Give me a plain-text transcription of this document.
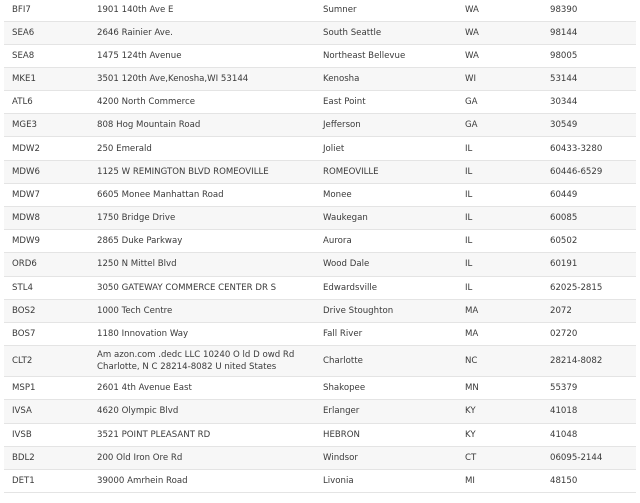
BFI7	1901 140th Ave E	Sumner	WA	98390
SEA6	2646 Rainier Ave.	South Seattle	WA	98144
SEA8	1475 124th Avenue	Northeast Bellevue	WA	98005
MKE1	3501 120th Ave,Kenosha,WI 53144	Kenosha	WI	53144
ATL6	4200 North Commerce	East Point	GA	30344
MGE3	808 Hog Mountain Road	Jefferson	GA	30549
MDW2	250 Emerald	Joliet	IL	60433-3280
MDW6	1125 W REMINGTON BLVD ROMEOVILLE	ROMEOVILLE	IL	60446-6529
MDW7	6605 Monee Manhattan Road	Monee	IL	60449
MDW8	1750 Bridge Drive	Waukegan	IL	60085
MDW9	2865 Duke Parkway	Aurora	IL	60502
ORD6	1250 N Mittel Blvd	Wood Dale	IL	60191
STL4	3050 GATEWAY COMMERCE CENTER DR S	Edwardsville	IL	62025-2815
BOS2	1000 Tech Centre	Drive Stoughton	MA	2072
BOS7	1180 Innovation Way	Fall River	MA	02720
CLT2	Am azon.com .dedc LLC 10240 O ld D owd Rd Charlotte, N C 28214-8082 U nited States	Charlotte	NC	28214-8082
MSP1	2601 4th Avenue East	Shakopee	MN	55379
IVSA	4620 Olympic Blvd	Erlanger	KY	41018
IVSB	3521 POINT PLEASANT RD	HEBRON	KY	41048
BDL2	200 Old Iron Ore Rd	Windsor	CT	06095-2144
DET1	39000 Amrhein Road	Livonia	MI	48150
